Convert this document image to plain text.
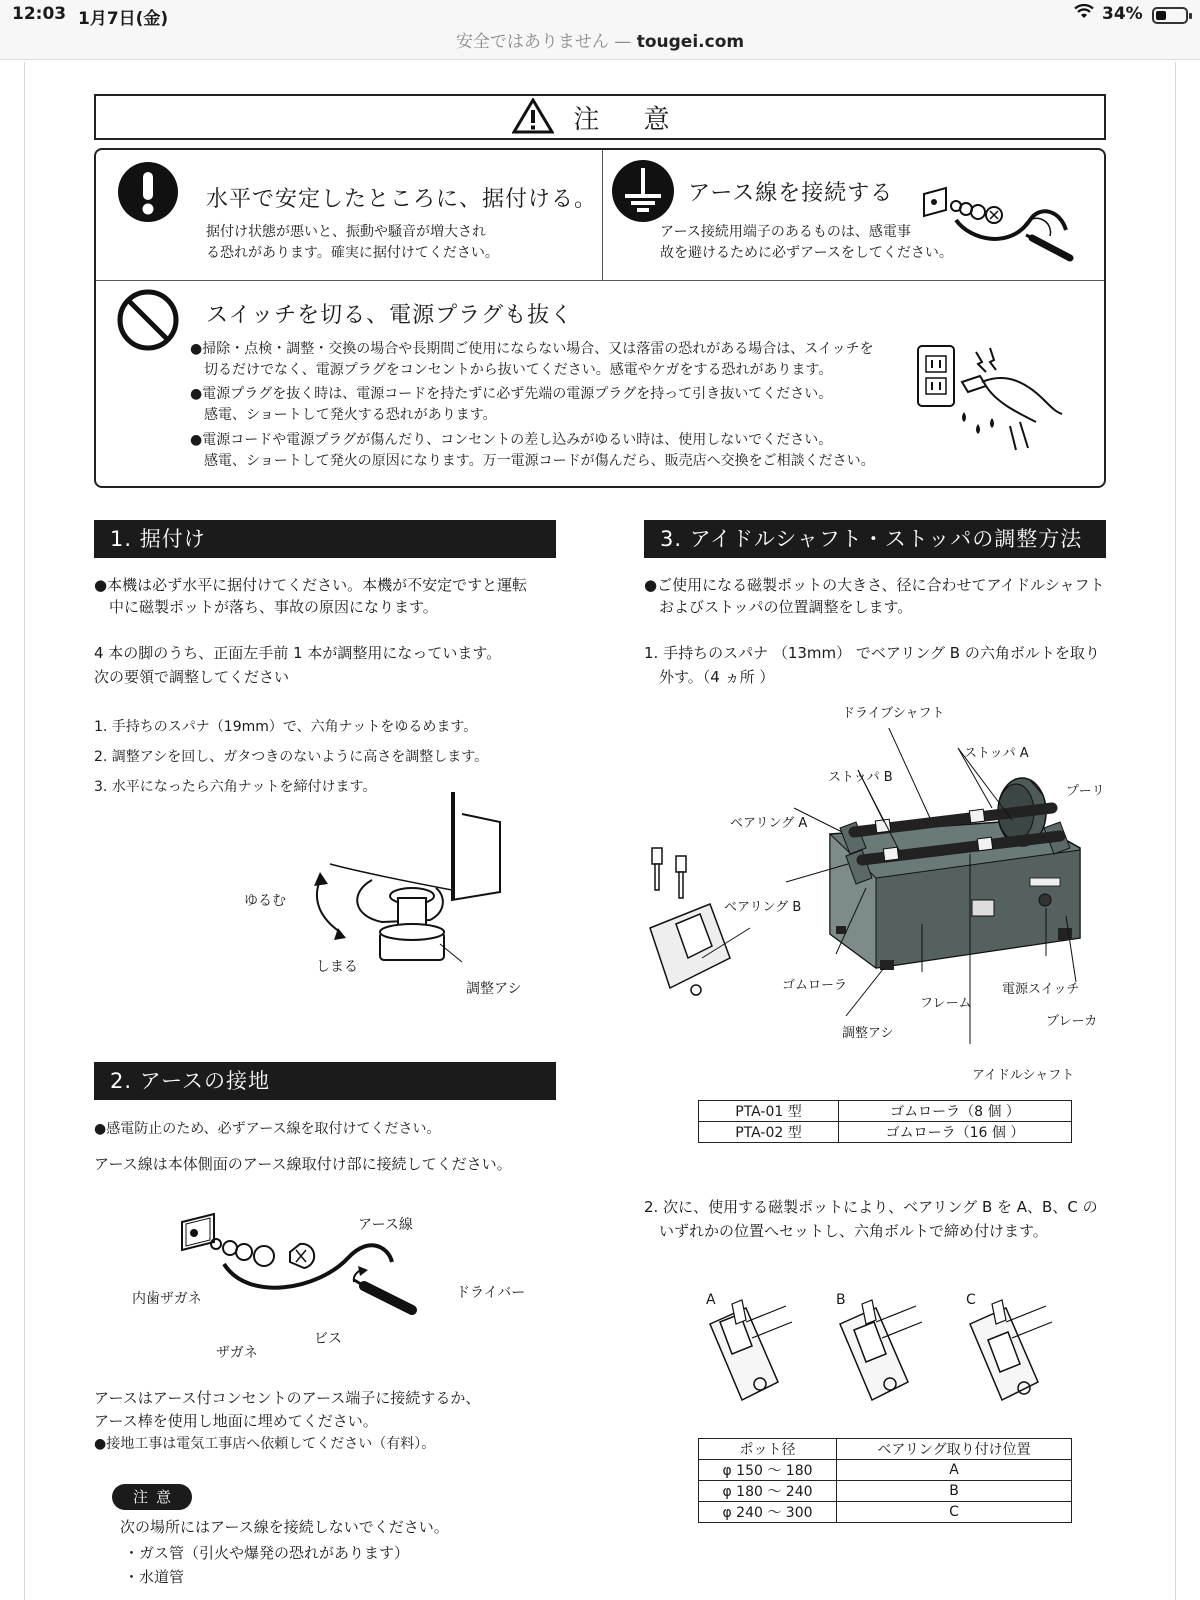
12:03 1月7日(金)	34%
安全ではありません — tougei.com
注 意
水平で安定したところに、据付ける。
据付け状態が悪いと、振動や騒音が増大され
る恐れがあります。確実に据付けてください。
アース線を接続する
アース接続用端子のあるものは、感電事
故を避けるために必ずアースをしてください。
スイッチを切る、電源プラグも抜く
●掃除・点検・調整・交換の場合や長期間ご使用にならない場合、又は落雷の恐れがある場合は、スイッチを
　切るだけでなく、電源プラグをコンセントから抜いてください。感電やケガをする恐れがあります。
●電源プラグを抜く時は、電源コードを持たずに必ず先端の電源プラグを持って引き抜いてください。
　感電、ショートして発火する恐れがあります。
●電源コードや電源プラグが傷んだり、コンセントの差し込みがゆるい時は、使用しないでください。
　感電、ショートして発火の原因になります。万一電源コードが傷んだら、販売店へ交換をご相談ください。
1. 据付け
●本機は必ず水平に据付けてください。本機が不安定ですと運転
　中に磁製ポットが落ち、事故の原因になります。
4 本の脚のうち、正面左手前 1 本が調整用になっています。
次の要領で調整してください
1. 手持ちのスパナ（19mm）で、六角ナットをゆるめます。
2. 調整アシを回し、ガタつきのないように高さを調整します。
3. 水平になったら六角ナットを締付けます。
ゆるむ
しまる
調整アシ
2. アースの接地
●感電防止のため、必ずアース線を取付けてください。
アース線は本体側面のアース線取付け部に接続してください。
アース線
内歯ザガネ
ザガネ
ビス
ドライバー
アースはアース付コンセントのアース端子に接続するか、
アース棒を使用し地面に埋めてください。
●接地工事は電気工事店へ依頼してください（有料）。
注意
次の場所にはアース線を接続しないでください。
・ガス管（引火や爆発の恐れがあります）
・水道管
3. アイドルシャフト・ストッパの調整方法
●ご使用になる磁製ポットの大きさ、径に合わせてアイドルシャフト
　およびストッパの位置調整をします。
1. 手持ちのスパナ （13mm） でベアリング B の六角ボルトを取り
　外す。（4 ヵ所 ）
ドライブシャフト
ストッパ A
ストッパ B
プーリ
ベアリング A
ベアリング B
ゴムローラ
フレーム
電源スイッチ
ブレーカ
調整アシ
アイドルシャフト
PTA-01 型	ゴムローラ（8 個 ）
PTA-02 型	ゴムローラ（16 個 ）
2. 次に、使用する磁製ポットにより、ベアリング B を A、B、C の
　いずれかの位置へセットし、六角ボルトで締め付けます。
A	B	C
ポット径	ベアリング取り付け位置
φ 150 〜 180	A
φ 180 〜 240	B
φ 240 〜 300	C
